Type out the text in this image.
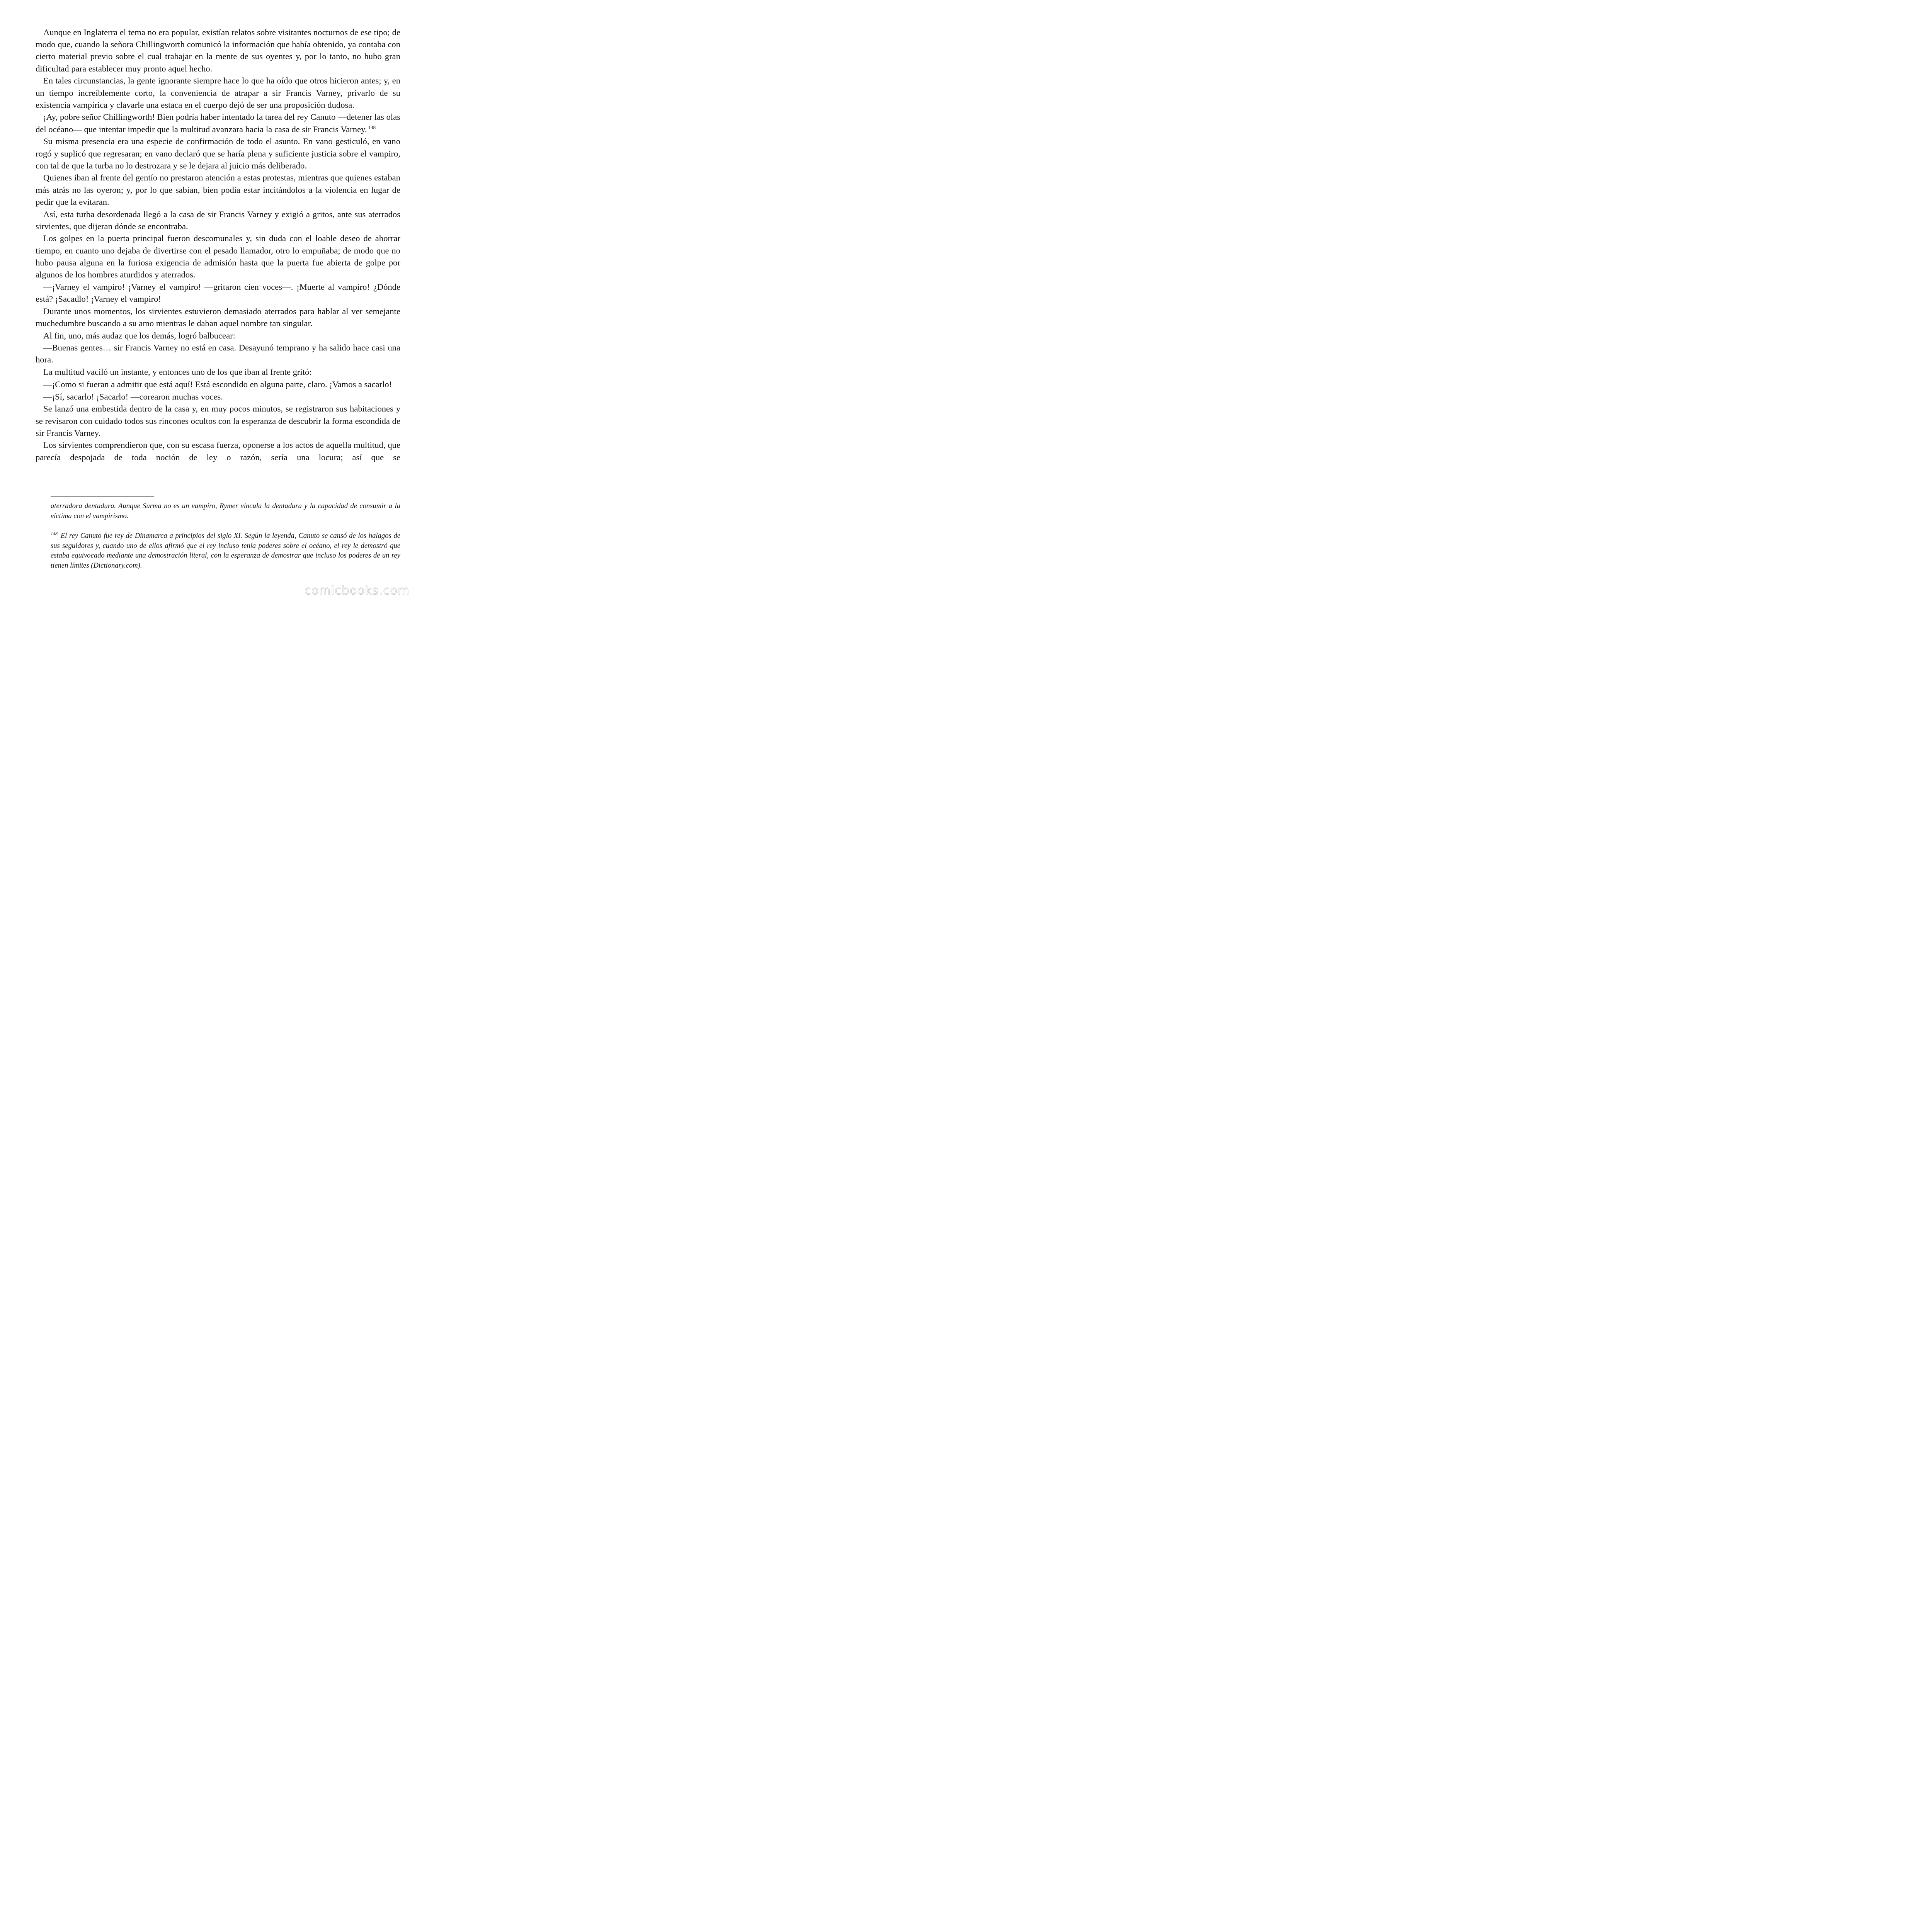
Aunque en Inglaterra el tema no era popular, existían relatos sobre visitantes nocturnos de ese tipo; de modo que, cuando la señora Chillingworth comunicó la información que había obtenido, ya contaba con cierto material previo sobre el cual trabajar en la mente de sus oyentes y, por lo tanto, no hubo gran dificultad para establecer muy pronto aquel hecho.

En tales circunstancias, la gente ignorante siempre hace lo que ha oído que otros hicieron antes; y, en un tiempo increíblemente corto, la conveniencia de atrapar a sir Francis Varney, privarlo de su existencia vampírica y clavarle una estaca en el cuerpo dejó de ser una proposición dudosa.

¡Ay, pobre señor Chillingworth! Bien podría haber intentado la tarea del rey Canuto —detener las olas del océano— que intentar impedir que la multitud avanzara hacia la casa de sir Francis Varney. $^{148}$

Su misma presencia era una especie de confirmación de todo el asunto. En vano gesticuló, en vano rogó y suplicó que regresaran; en vano declaró que se haría plena y suficiente justicia sobre el vampiro, con tal de que la turba no lo destrozara y se le dejara al juicio más deliberado.

Quienes iban al frente del gentío no prestaron atención a estas protestas, mientras que quienes estaban más atrás no las oyeron; y, por lo que sabían, bien podía estar incitándolos a la violencia en lugar de pedir que la evitaran.

Así, esta turba desordenada llegó a la casa de sir Francis Varney y exigió a gritos, ante sus aterrados sirvientes, que dijeran dónde se encontraba.

Los golpes en la puerta principal fueron descomunales y, sin duda con el loable deseo de ahorrar tiempo, en cuanto uno dejaba de divertirse con el pesado llamador, otro lo empuñaba; de modo que no hubo pausa alguna en la furiosa exigencia de admisión hasta que la puerta fue abierta de golpe por algunos de los hombres aturdidos y aterrados.

—¡Varney el vampiro! ¡Varney el vampiro! —gritaron cien voces—. ¡Muerte al vampiro! ¿Dónde está? ¡Sacadlo! ¡Varney el vampiro!

Durante unos momentos, los sirvientes estuvieron demasiado aterrados para hablar al ver semejante muchedumbre buscando a su amo mientras le daban aquel nombre tan singular.

Al fin, uno, más audaz que los demás, logró balbucear:

—Buenas gentes… sir Francis Varney no está en casa. Desayunó temprano y ha salido hace casi una hora.

La multitud vaciló un instante, y entonces uno de los que iban al frente gritó:

—¡Como si fueran a admitir que está aquí! Está escondido en alguna parte, claro. ¡Vamos a sacarlo!

—¡Sí, sacarlo! ¡Sacarlo! —corearon muchas voces.

Se lanzó una embestida dentro de la casa y, en muy pocos minutos, se registraron sus habitaciones y se revisaron con cuidado todos sus rincones ocultos con la esperanza de descubrir la forma escondida de sir Francis Varney.

Los sirvientes comprendieron que, con su escasa fuerza, oponerse a los actos de aquella multitud, que parecía despojada de toda noción de ley o razón, sería una locura; así que se

aterradora dentadura. Aunque Surma no es un vampiro, Rymer vincula la dentadura y la capacidad de consumir a la víctima con el vampirismo.

$^{148}$ El rey Canuto fue rey de Dinamarca a principios del siglo XI. Según la leyenda, Canuto se cansó de los halagos de sus seguidores y, cuando uno de ellos afirmó que el rey incluso tenía poderes sobre el océano, el rey le demostró que estaba equivocado mediante una demostración literal, con la esperanza de demostrar que incluso los poderes de un rey tienen límites (Dictionary.com).

comicbooks.com
